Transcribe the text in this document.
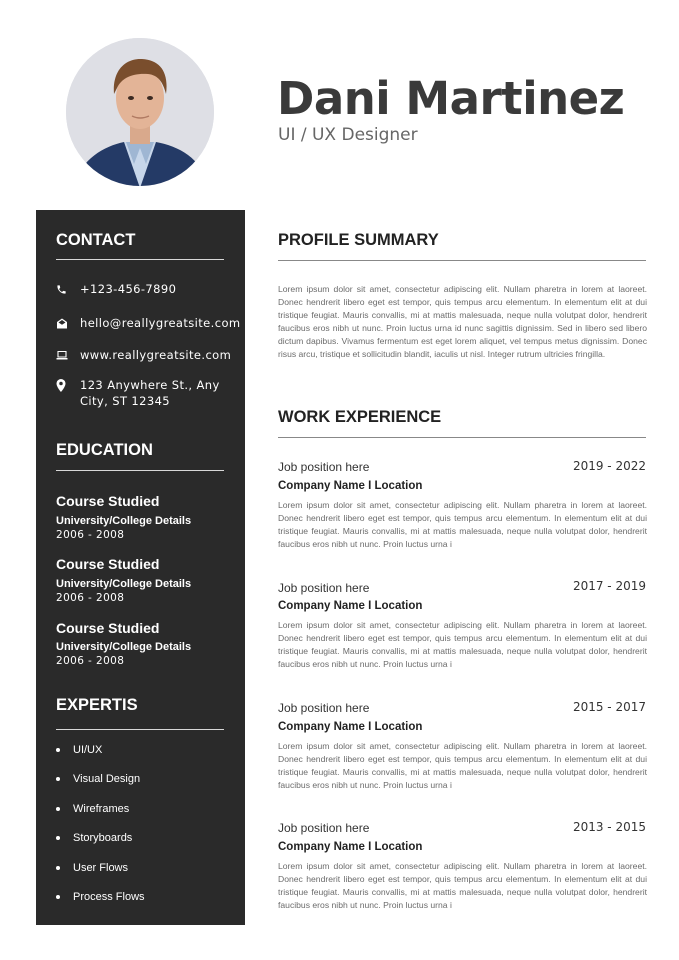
Dani Martinez
UI / UX Designer
CONTACT
+123-456-7890
hello@reallygreatsite.com
www.reallygreatsite.com
123 Anywhere St., Any
City, ST 12345
EDUCATION
Course Studied
University/College Details
2006 - 2008
Course Studied
University/College Details
2006 - 2008
Course Studied
University/College Details
2006 - 2008
EXPERTIS
UI/UX
Visual Design
Wireframes
Storyboards
User Flows
Process Flows
PROFILE SUMMARY
Lorem ipsum dolor sit amet, consectetur adipiscing elit. Nullam pharetra in lorem at laoreet. Donec hendrerit libero eget est tempor, quis tempus arcu elementum. In elementum elit at dui tristique feugiat. Mauris convallis, mi at mattis malesuada, neque nulla volutpat dolor, hendrerit faucibus eros nibh ut nunc. Proin luctus urna id nunc sagittis dignissim. Sed in libero sed libero dictum dapibus. Vivamus fermentum est eget lorem aliquet, vel tempus metus dignissim. Donec risus arcu, tristique et sollicitudin blandit, iaculis ut nisl. Integer rutrum ultricies fringilla.
WORK EXPERIENCE
Job position here	2019 - 2022
Company Name I Location
Lorem ipsum dolor sit amet, consectetur adipiscing elit. Nullam pharetra in lorem at laoreet. Donec hendrerit libero eget est tempor, quis tempus arcu elementum. In elementum elit at dui tristique feugiat. Mauris convallis, mi at mattis malesuada, neque nulla volutpat dolor, hendrerit faucibus eros nibh ut nunc. Proin luctus urna i
Job position here	2017 - 2019
Company Name I Location
Lorem ipsum dolor sit amet, consectetur adipiscing elit. Nullam pharetra in lorem at laoreet. Donec hendrerit libero eget est tempor, quis tempus arcu elementum. In elementum elit at dui tristique feugiat. Mauris convallis, mi at mattis malesuada, neque nulla volutpat dolor, hendrerit faucibus eros nibh ut nunc. Proin luctus urna i
Job position here	2015 - 2017
Company Name I Location
Lorem ipsum dolor sit amet, consectetur adipiscing elit. Nullam pharetra in lorem at laoreet. Donec hendrerit libero eget est tempor, quis tempus arcu elementum. In elementum elit at dui tristique feugiat. Mauris convallis, mi at mattis malesuada, neque nulla volutpat dolor, hendrerit faucibus eros nibh ut nunc. Proin luctus urna i
Job position here	2013 - 2015
Company Name I Location
Lorem ipsum dolor sit amet, consectetur adipiscing elit. Nullam pharetra in lorem at laoreet. Donec hendrerit libero eget est tempor, quis tempus arcu elementum. In elementum elit at dui tristique feugiat. Mauris convallis, mi at mattis malesuada, neque nulla volutpat dolor, hendrerit faucibus eros nibh ut nunc. Proin luctus urna i
